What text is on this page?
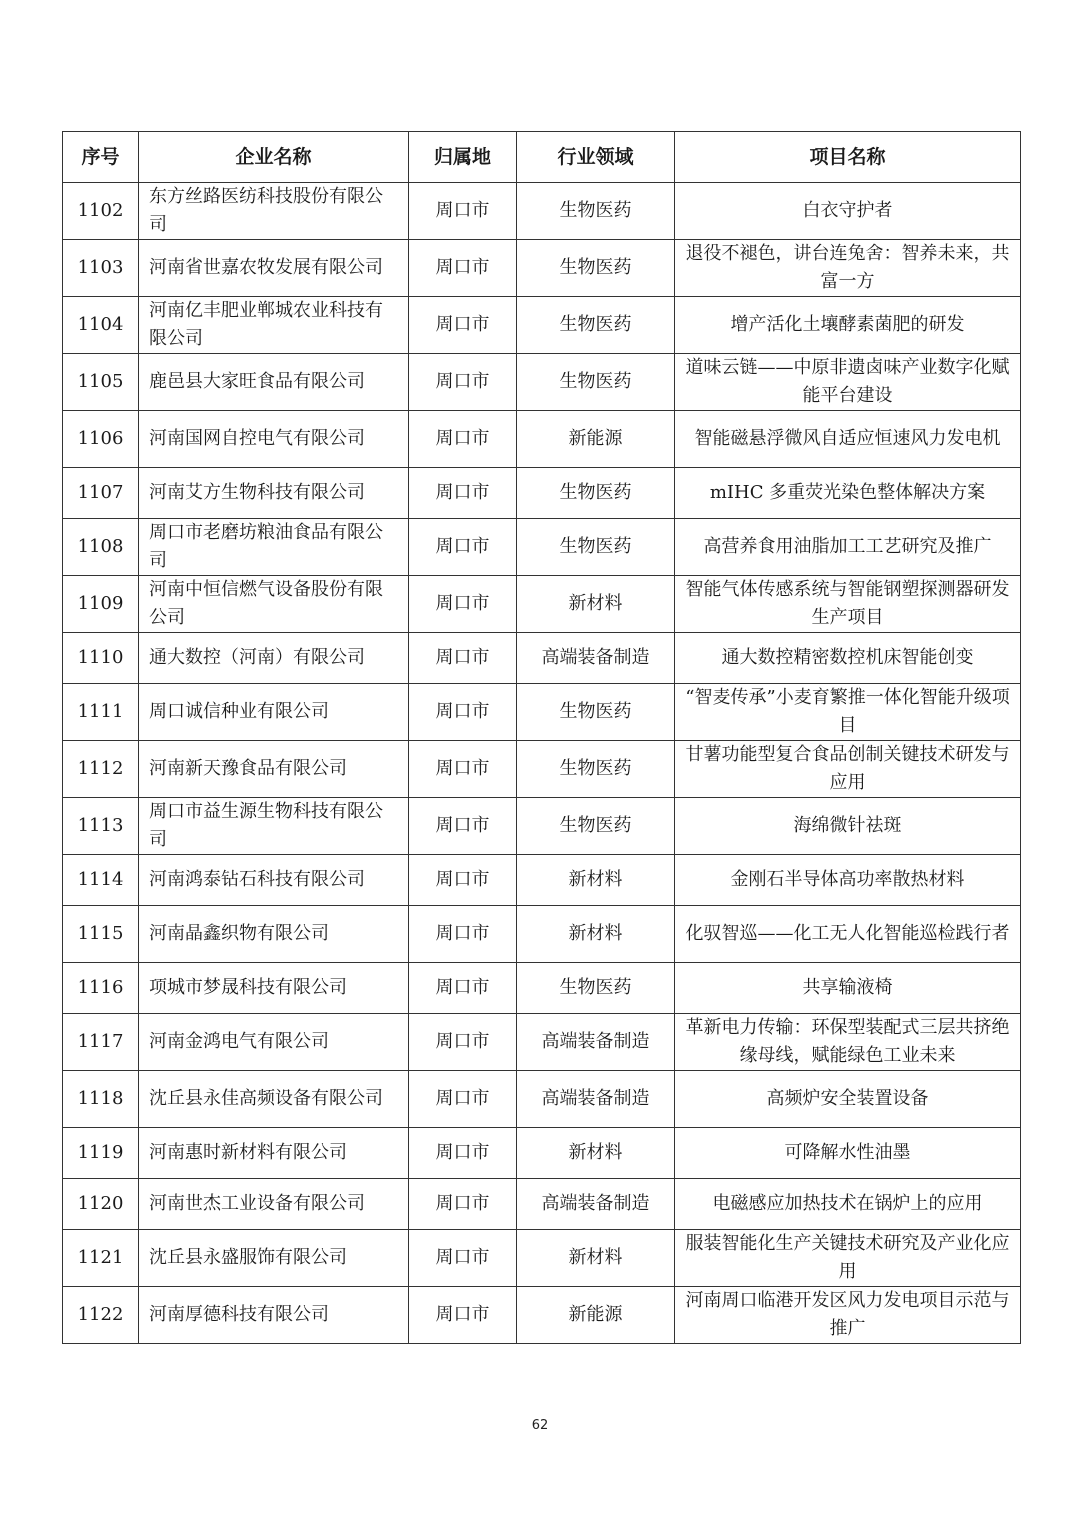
序号	企业名称	归属地	行业领域	项目名称
1102	东方丝路医纺科技股份有限公司	周口市	生物医药	白衣守护者
1103	河南省世嘉农牧发展有限公司	周口市	生物医药	退役不褪色，讲台连兔舍：智养未来，共富一方
1104	河南亿丰肥业郸城农业科技有限公司	周口市	生物医药	增产活化土壤酵素菌肥的研发
1105	鹿邑县大家旺食品有限公司	周口市	生物医药	道味云链——中原非遗卤味产业数字化赋能平台建设
1106	河南国网自控电气有限公司	周口市	新能源	智能磁悬浮微风自适应恒速风力发电机
1107	河南艾方生物科技有限公司	周口市	生物医药	mIHC 多重荧光染色整体解决方案
1108	周口市老磨坊粮油食品有限公司	周口市	生物医药	高营养食用油脂加工工艺研究及推广
1109	河南中恒信燃气设备股份有限公司	周口市	新材料	智能气体传感系统与智能钢塑探测器研发生产项目
1110	通大数控（河南）有限公司	周口市	高端装备制造	通大数控精密数控机床智能创变
1111	周口诚信种业有限公司	周口市	生物医药	“智麦传承”小麦育繁推一体化智能升级项目
1112	河南新天豫食品有限公司	周口市	生物医药	甘薯功能型复合食品创制关键技术研发与应用
1113	周口市益生源生物科技有限公司	周口市	生物医药	海绵微针祛斑
1114	河南鸿泰钻石科技有限公司	周口市	新材料	金刚石半导体高功率散热材料
1115	河南晶鑫织物有限公司	周口市	新材料	化驭智巡——化工无人化智能巡检践行者
1116	项城市梦晟科技有限公司	周口市	生物医药	共享输液椅
1117	河南金鸿电气有限公司	周口市	高端装备制造	革新电力传输：环保型装配式三层共挤绝缘母线，赋能绿色工业未来
1118	沈丘县永佳高频设备有限公司	周口市	高端装备制造	高频炉安全装置设备
1119	河南惠时新材料有限公司	周口市	新材料	可降解水性油墨
1120	河南世杰工业设备有限公司	周口市	高端装备制造	电磁感应加热技术在锅炉上的应用
1121	沈丘县永盛服饰有限公司	周口市	新材料	服装智能化生产关键技术研究及产业化应用
1122	河南厚德科技有限公司	周口市	新能源	河南周口临港开发区风力发电项目示范与推广
62
